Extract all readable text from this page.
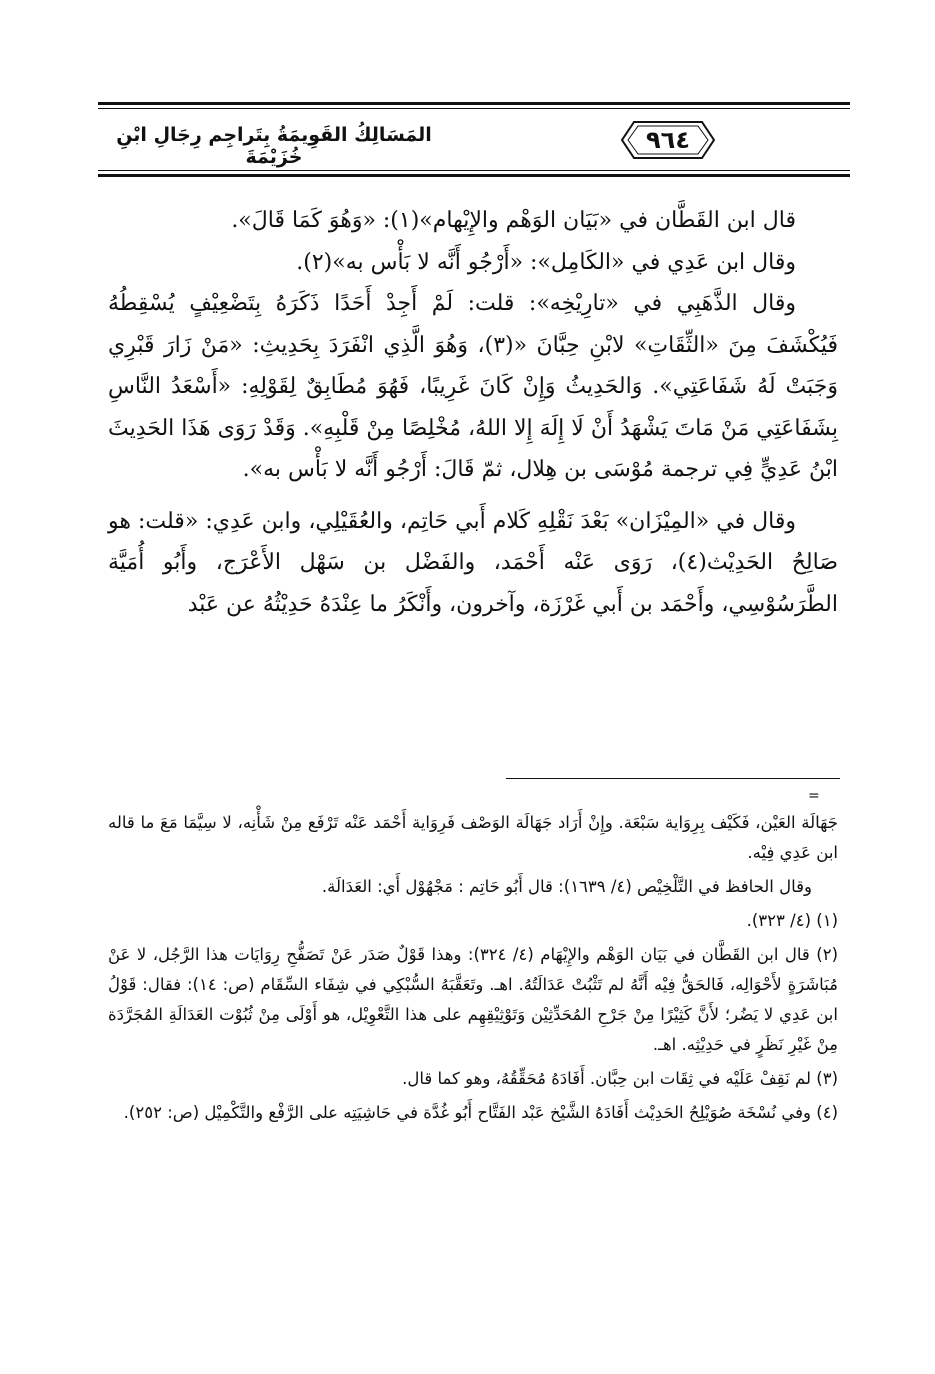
٩٦٤
المَسَالِكُ القَوِيمَةُ بِتَراجِم رِجَالِ ابْنِ خُزَيْمَةَ

قال ابن القَطَّان في «بَيَان الوَهْم والإِيْهام»(١): «وَهُوَ كَمَا قَالَ».

وقال ابن عَدِي في «الكَامِل»: «أَرْجُو أَنَّه لا بَأْس به»(٢).

وقال الذَّهَبِي في «تارِيْخِه»: قلت: لَمْ أَجِدْ أَحَدًا ذَكَرَهُ بِتَضْعِيْفٍ يُسْقِطُهُ فَيُكْشَفَ مِنَ «الثِّقَاتِ» لابْنِ حِبَّانَ «(٣)، وَهُوَ الَّذِي انْفَرَدَ بِحَدِيثِ: «مَنْ زَارَ قَبْرِي وَجَبَتْ لَهُ شَفَاعَتِي». وَالحَدِيثُ وَإِنْ كَانَ غَرِيبًا، فَهُوَ مُطَابِقٌ لِقَوْلِهِ: «أَسْعَدُ النَّاسِ بِشَفَاعَتِي مَنْ مَاتَ يَشْهَدُ أَنْ لَا إِلَهَ إِلا اللهُ، مُخْلِصًا مِنْ قَلْبِهِ». وَقَدْ رَوَى هَذَا الحَدِيثَ ابْنُ عَدِيٍّ فِي ترجمة مُوْسَى بن هِلال، ثمّ قَالَ: أَرْجُو أَنَّه لا بَأْس به».

وقال في «المِيْزَان» بَعْدَ نَقْلِهِ كَلام أَبي حَاتِم، والعُقَيْلِي، وابن عَدِي: «قلت: هو صَالِحُ الحَدِيْث(٤)، رَوَى عَنْه أَحْمَد، والفَضْل بن سَهْل الأَعْرَج، وأَبُو أُمَيَّة الطَّرَسُوْسِي، وأَحْمَد بن أَبي غَرْزَة، وآخرون، وأَنْكَرُ ما عِنْدَهُ حَدِيْثُهُ عن عَبْد

=

جَهَالَة العَيْن، فَكَيْف بِرِوَاية سَبْعَة. وإِنْ أَرَاد جَهَالَة الوَصْف فَرِوَاية أَحْمَد عَنْه تَرْفَع مِنْ شَأْنِه، لا سِيَّمَا مَعَ ما قاله ابن عَدِي فِيْه.

وقال الحافظ في التَّلْخِيْص (٤/ ١٦٣٩): قال أَبُو حَاتِم : مَجْهُوْل أَي: العَدَالَة.

(١) (٤/ ٣٢٣).

(٢) قال ابن القَطَّان في بَيَان الوَهْم والإِيْهَام (٤/ ٣٢٤): وهذا قَوْلٌ صَدَر عَنْ تَصَفُّحِ رِوَايَات هذا الرَّجُل، لا عَنْ مُبَاشَرَةٍ لأَحْوَالِه، فَالحَقُّ فِيْه أَنَّهُ لم تَثْبُتْ عَدَالَتُهُ. اهـ. وتَعَقَّبَهُ السُّبْكِي في شِفَاء السِّقَام (ص: ١٤): فقال: قَوْلُ ابن عَدِي لا يَضُر؛ لأَنَّ كَثِيْرًا مِنْ جَرْحِ المُحَدِّثِيْن وَتَوْثِيْقِهِم على هذا التَّعْوِيْل، هو أَوْلَى مِنْ ثُبُوْت العَدَالَةِ المُجَرَّدَة مِنْ غَيْرِ نَظَرٍ في حَدِيْثِه. اهـ.

(٣) لم نَقِفْ عَلَيْه في ثِقَات ابن حِبَّان. أَفَادَهُ مُحَقِّقُهُ، وهو كما قال.

(٤) وفي نُسْخَة صُوَيْلِحُ الحَدِيْث أَفَادَهُ الشَّيْخ عَبْد الفَتَّاح أَبُو غُدَّة في حَاشِيَتِه على الرَّفْع والتَّكْمِيْل (ص: ٢٥٢).
